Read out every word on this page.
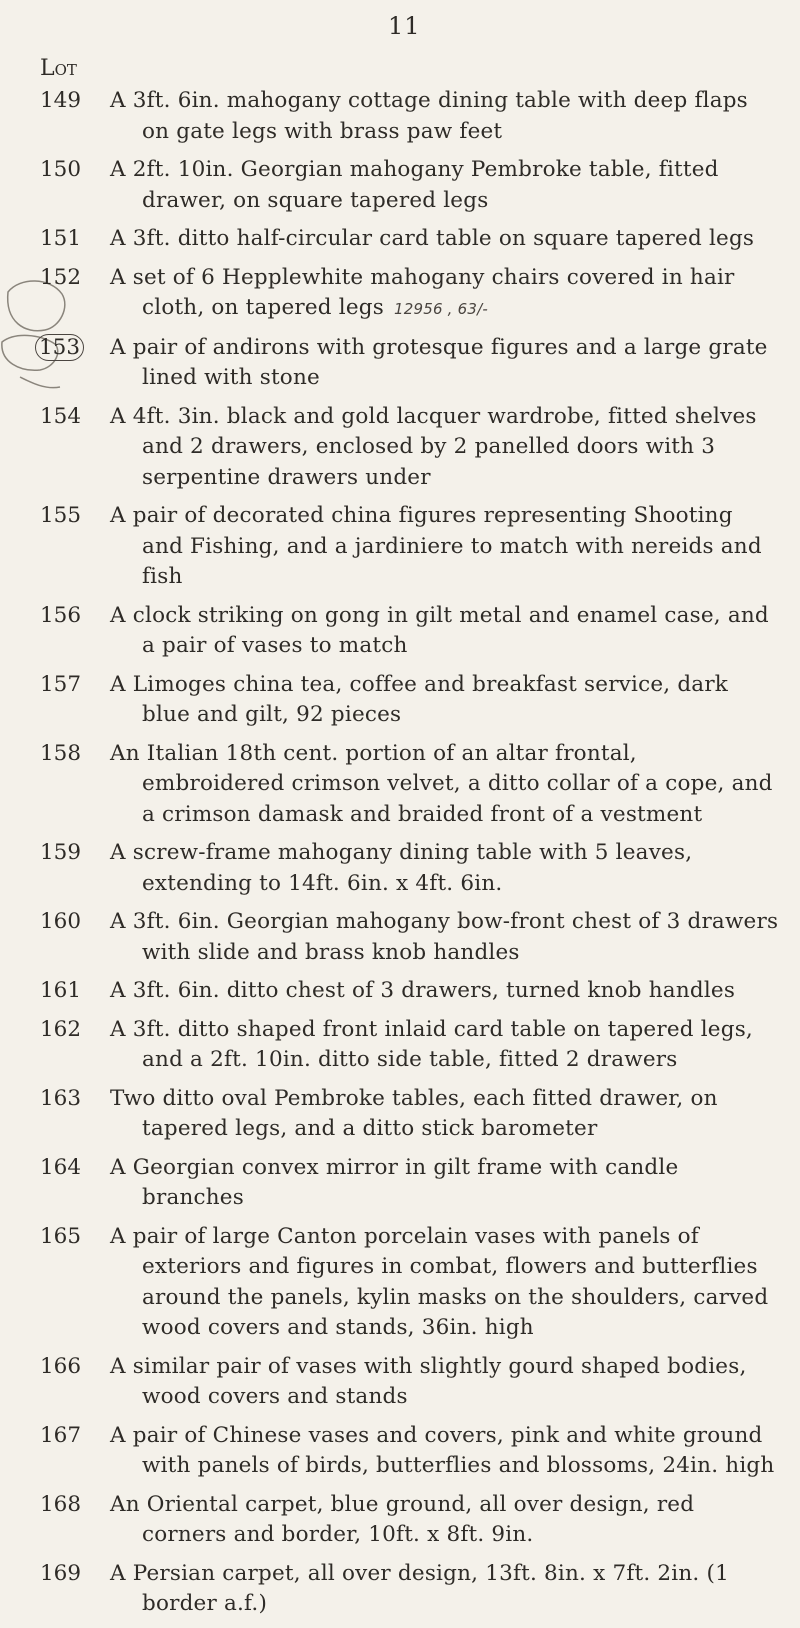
11
Lot
149	A 3ft. 6in. mahogany cottage dining table with deep flaps on gate legs with brass paw feet
150	A 2ft. 10in. Georgian mahogany Pembroke table, fitted drawer, on square tapered legs
151	A 3ft. ditto half-circular card table on square tapered legs
152	A set of 6 Hepplewhite mahogany chairs covered in hair cloth, on tapered legs 12956 , 63/-
153	A pair of andirons with grotesque figures and a large grate lined with stone
154	A 4ft. 3in. black and gold lacquer wardrobe, fitted shelves and 2 drawers, enclosed by 2 panelled doors with 3 serpentine drawers under
155	A pair of decorated china figures representing Shooting and Fishing, and a jardiniere to match with nereids and fish
156	A clock striking on gong in gilt metal and enamel case, and a pair of vases to match
157	A Limoges china tea, coffee and breakfast service, dark blue and gilt, 92 pieces
158	An Italian 18th cent. portion of an altar frontal, embroidered crimson velvet, a ditto collar of a cope, and a crimson damask and braided front of a vestment
159	A screw-frame mahogany dining table with 5 leaves, extending to 14ft. 6in. x 4ft. 6in.
160	A 3ft. 6in. Georgian mahogany bow-front chest of 3 drawers with slide and brass knob handles
161	A 3ft. 6in. ditto chest of 3 drawers, turned knob handles
162	A 3ft. ditto shaped front inlaid card table on tapered legs, and a 2ft. 10in. ditto side table, fitted 2 drawers
163	Two ditto oval Pembroke tables, each fitted drawer, on tapered legs, and a ditto stick barometer
164	A Georgian convex mirror in gilt frame with candle branches
165	A pair of large Canton porcelain vases with panels of exteriors and figures in combat, flowers and butterflies around the panels, kylin masks on the shoulders, carved wood covers and stands, 36in. high
166	A similar pair of vases with slightly gourd shaped bodies, wood covers and stands
167	A pair of Chinese vases and covers, pink and white ground with panels of birds, butterflies and blossoms, 24in. high
168	An Oriental carpet, blue ground, all over design, red corners and border, 10ft. x 8ft. 9in.
169	A Persian carpet, all over design, 13ft. 8in. x 7ft. 2in. (1 border a.f.)
